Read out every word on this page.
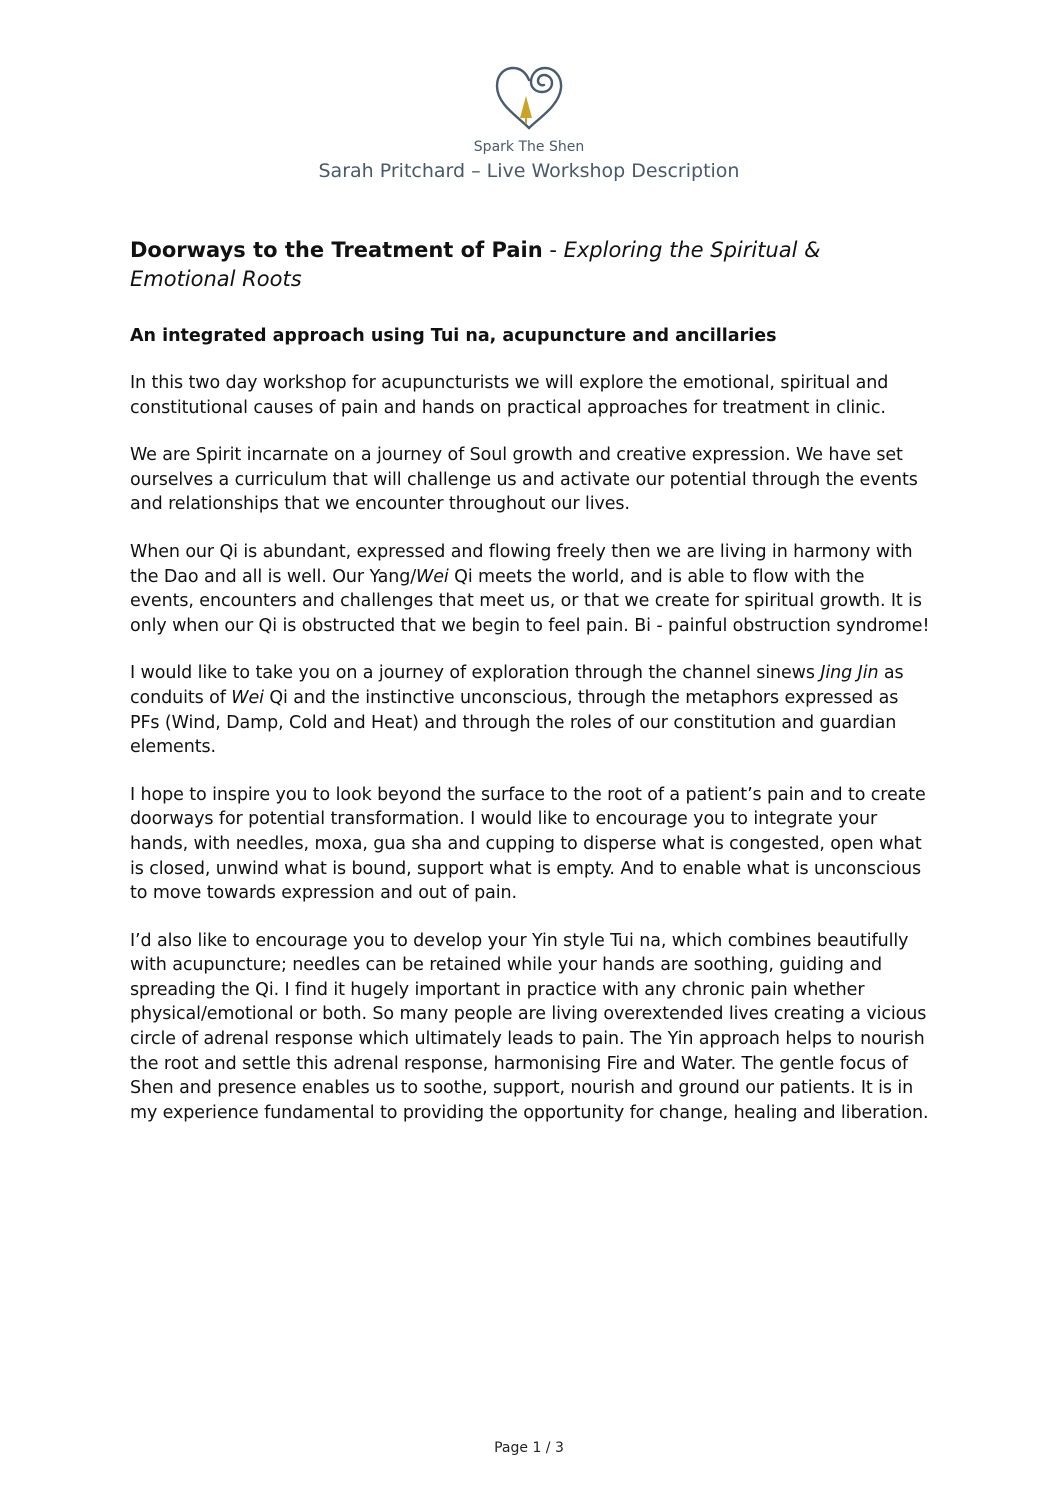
Spark The Shen
Sarah Pritchard – Live Workshop Description
Doorways to the Treatment of Pain - Exploring the Spiritual & Emotional Roots
An integrated approach using Tui na, acupuncture and ancillaries

In this two day workshop for acupuncturists we will explore the emotional, spiritual and constitutional causes of pain and hands on practical approaches for treatment in clinic.

We are Spirit incarnate on a journey of Soul growth and creative expression. We have set ourselves a curriculum that will challenge us and activate our potential through the events and relationships that we encounter throughout our lives.

When our Qi is abundant, expressed and flowing freely then we are living in harmony with the Dao and all is well. Our Yang/Wei Qi meets the world, and is able to flow with the events, encounters and challenges that meet us, or that we create for spiritual growth. It is only when our Qi is obstructed that we begin to feel pain. Bi - painful obstruction syndrome!

I would like to take you on a journey of exploration through the channel sinews Jing Jin as conduits of Wei Qi and the instinctive unconscious, through the metaphors expressed as PFs (Wind, Damp, Cold and Heat) and through the roles of our constitution and guardian elements.

I hope to inspire you to look beyond the surface to the root of a patient’s pain and to create doorways for potential transformation. I would like to encourage you to integrate your hands, with needles, moxa, gua sha and cupping to disperse what is congested, open what is closed, unwind what is bound, support what is empty. And to enable what is unconscious to move towards expression and out of pain.

I’d also like to encourage you to develop your Yin style Tui na, which combines beautifully with acupuncture; needles can be retained while your hands are soothing, guiding and spreading the Qi. I find it hugely important in practice with any chronic pain whether physical/emotional or both. So many people are living overextended lives creating a vicious circle of adrenal response which ultimately leads to pain. The Yin approach helps to nourish the root and settle this adrenal response, harmonising Fire and Water. The gentle focus of Shen and presence enables us to soothe, support, nourish and ground our patients. It is in my experience fundamental to providing the opportunity for change, healing and liberation.

Page 1 / 3
